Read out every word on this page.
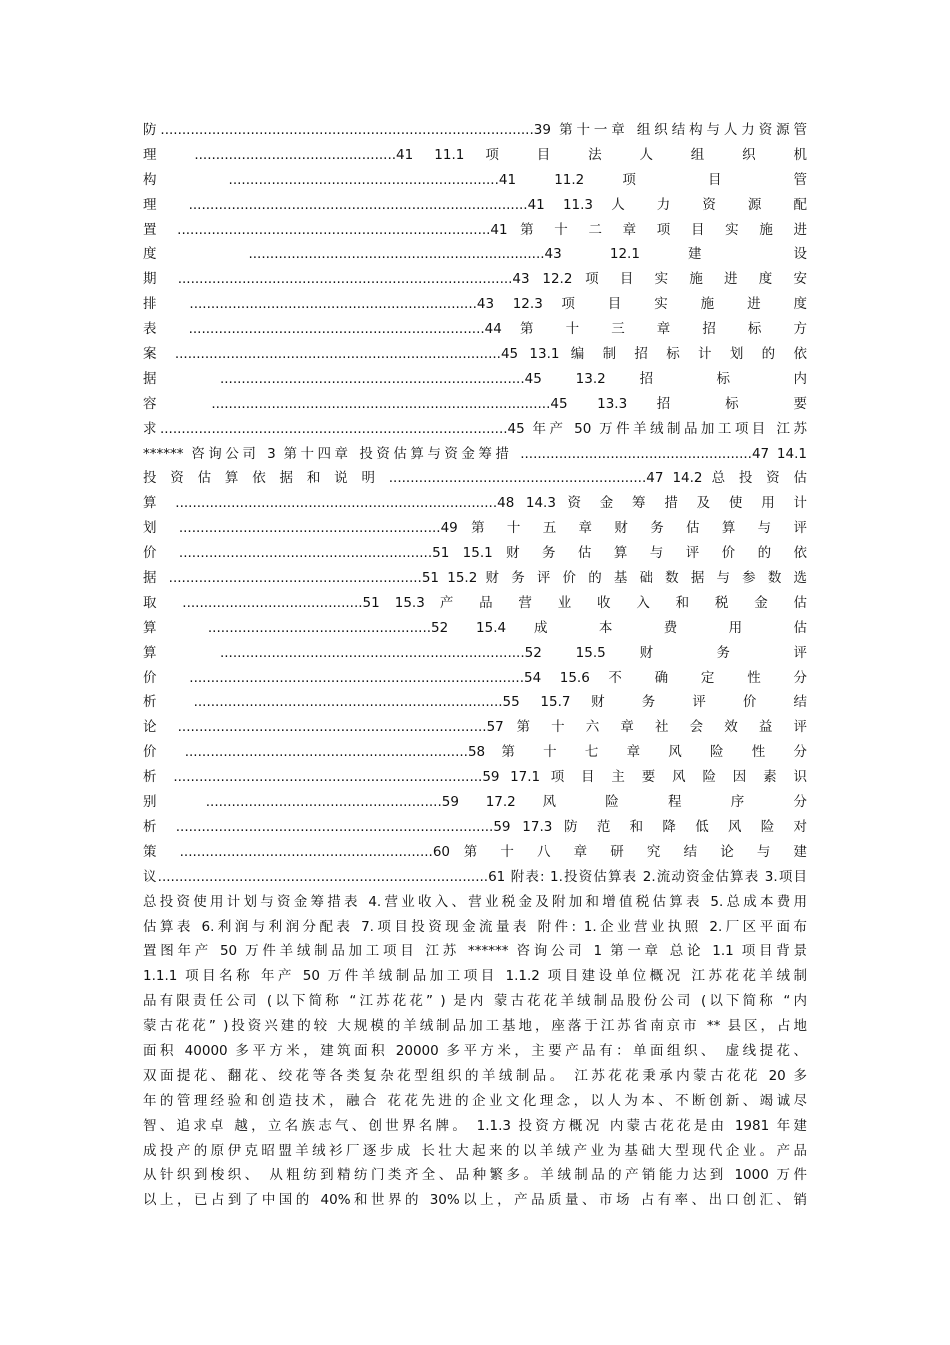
防.......................................................................................39 第十一章 组织结构与人力资源管
理 ...............................................41 11.1 项 目 法 人 组 织 机
构 ...............................................................41 11.2 项 目 管
理 ...............................................................................41 11.3 人 力 资 源 配
置 .........................................................................41 第 十 二 章 项 目 实 施 进
度 .....................................................................43 12.1 建 设
期 ..............................................................................43 12.2 项 目 实 施 进 度 安
排 ...................................................................43 12.3 项 目 实 施 进 度
表 .....................................................................44 第 十 三 章 招 标 方
案 ............................................................................45 13.1 编 制 招 标 计 划 的 依
据 .......................................................................45 13.2 招 标 内
容 ...............................................................................45 13.3 招 标 要
求.................................................................................45 年产 50 万件羊绒制品加工项目 江苏
****** 咨询公司 3 第十四章 投资估算与资金筹措 ......................................................47 14.1
投 资 估 算 依 据 和 说 明 ............................................................47 14.2 总 投 资 估
算 ...........................................................................48 14.3 资 金 筹 措 及 使 用 计
划 .............................................................49 第 十 五 章 财 务 估 算 与 评
价 ...........................................................51 15.1 财 务 估 算 与 评 价 的 依
据 ...........................................................51 15.2 财 务 评 价 的 基 础 数 据 与 参 数 选
取 ..........................................51 15.3 产 品 营 业 收 入 和 税 金 估
算 ....................................................52 15.4 成 本 费 用 估
算 .......................................................................52 15.5 财 务 评
价 ..............................................................................54 15.6 不 确 定 性 分
析 ........................................................................55 15.7 财 务 评 价 结
论 ........................................................................57 第 十 六 章 社 会 效 益 评
价 ..................................................................58 第 十 七 章 风 险 性 分
析 ........................................................................59 17.1 项 目 主 要 风 险 因 素 识
别 .......................................................59 17.2 风 险 程 序 分
析 ..........................................................................59 17.3 防 范 和 降 低 风 险 对
策 ...........................................................60 第 十 八 章 研 究 结 论 与 建
议.............................................................................61 附表: 1.投资估算表 2.流动资金估算表 3.项目
总投资使用计划与资金筹措表 4.营业收入、营业税金及附加和增值税估算表 5.总成本费用
估算表 6.利润与利润分配表 7.项目投资现金流量表 附件: 1.企业营业执照 2.厂区平面布
置图年产 50 万件羊绒制品加工项目 江苏 ****** 咨询公司 1 第一章 总论 1.1 项目背景
1.1.1 项目名称 年产 50 万件羊绒制品加工项目 1.1.2 项目建设单位概况 江苏花花羊绒制
品有限责任公司 (以下简称 “江苏花花” ) 是内 蒙古花花羊绒制品股份公司 (以下简称 “内
蒙古花花” )投资兴建的较 大规模的羊绒制品加工基地，座落于江苏省南京市 ** 县区，占地
面积 40000 多平方米，建筑面积 20000 多平方米，主要产品有：单面组织、 虚线提花、
双面提花、翻花、绞花等各类复杂花型组织的羊绒制品。 江苏花花秉承内蒙古花花 20 多
年的管理经验和创造技术，融合 花花先进的企业文化理念，以人为本、不断创新、竭诚尽
智、追求卓 越，立名族志气、创世界名牌。 1.1.3 投资方概况 内蒙古花花是由 1981 年建
成投产的原伊克昭盟羊绒衫厂逐步成 长壮大起来的以羊绒产业为基础大型现代企业。产品
从针织到梭织、 从粗纺到精纺门类齐全、品种繁多。羊绒制品的产销能力达到 1000 万件
以上，已占到了中国的 40%和世界的 30%以上，产品质量、市场 占有率、出口创汇、销
